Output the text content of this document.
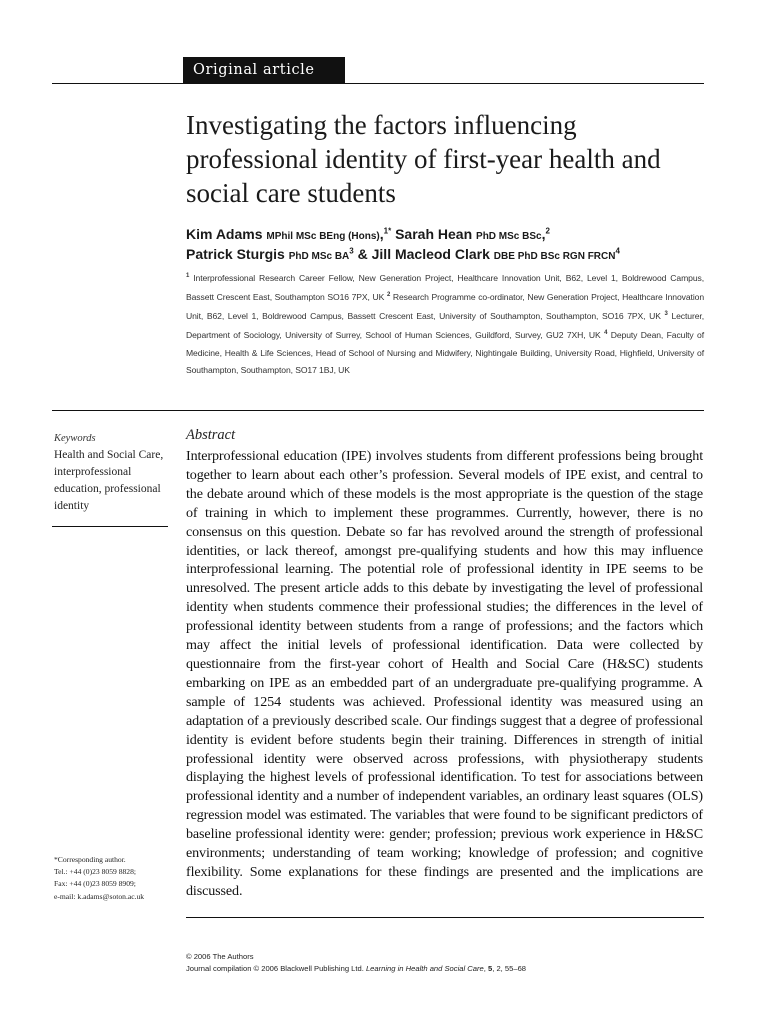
Original article
Investigating the factors influencing professional identity of first-year health and social care students
Kim Adams MPhil MSc BEng (Hons),$^{1*}$ Sarah Hean PhD MSc BSc,$^2$
Patrick Sturgis PhD MSc $BA^3$ & Jill Macleod Clark DBE PhD BSc RGN FRCN$^4$
$^1$ Interprofessional Research Career Fellow, New Generation Project, Healthcare Innovation Unit, B62, Level 1, Boldrewood Campus, Bassett Crescent East, Southampton SO16 7PX, UK $^2$ Research Programme co-ordinator, New Generation Project, Healthcare Innovation Unit, B62, Level 1, Boldrewood Campus, Bassett Crescent East, University of Southampton, Southampton, SO16 7PX, UK $^3$ Lecturer, Department of Sociology, University of Surrey, School of Human Sciences, Guildford, Survey, GU2 7XH, UK $^4$ Deputy Dean, Faculty of Medicine, Health & Life Sciences, Head of School of Nursing and Midwifery, Nightingale Building, University Road, Highfield, University of Southampton, Southampton, SO17 1BJ, UK
Keywords
Health and Social Care, interprofessional education, professional identity
Abstract

Interprofessional education (IPE) involves students from different professions being brought together to learn about each other’s profession. Several models of IPE exist, and central to the debate around which of these models is the most appropriate is the question of the stage of training in which to implement these programmes. Currently, however, there is no consensus on this question. Debate so far has revolved around the strength of professional identities, or lack thereof, amongst pre-qualifying students and how this may influence interprofessional learning. The potential role of professional identity in IPE seems to be unresolved. The present article adds to this debate by investigating the level of professional identity when students commence their professional studies; the differences in the level of professional identity between students from a range of professions; and the factors which may affect the initial levels of professional identification. Data were collected by questionnaire from the first-year cohort of Health and Social Care (H&SC) students embarking on IPE as an embedded part of an undergraduate pre-qualifying programme. A sample of 1254 students was achieved. Professional identity was measured using an adaptation of a previously described scale. Our findings suggest that a degree of professional identity is evident before students begin their training. Differences in strength of initial professional identity were observed across professions, with physiotherapy students displaying the highest levels of professional identification. To test for associations between professional identity and a number of independent variables, an ordinary least squares (OLS) regression model was estimated. The variables that were found to be significant predictors of baseline professional identity were: gender; profession; previous work experience in H&SC environments; understanding of team working; knowledge of profession; and cognitive flexibility. Some explanations for these findings are presented and the implications are discussed.

*Corresponding author.
Tel.: +44 (0)23 8059 8828;
Fax: +44 (0)23 8059 8909;
e-mail: k.adams@soton.ac.uk
© 2006 The Authors
Journal compilation © 2006 Blackwell Publishing Ltd. Learning in Health and Social Care, 5, 2, 55–68
